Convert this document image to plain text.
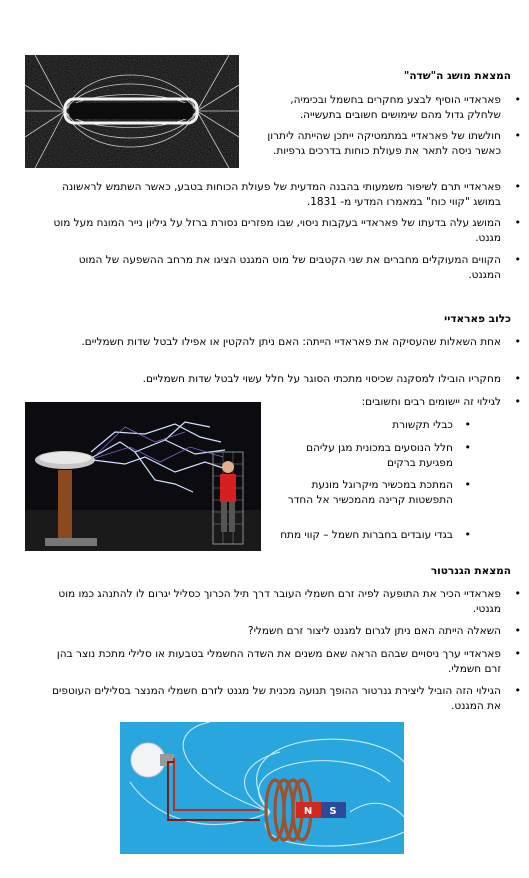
המצאת מושג ה"שדה"
• פאראדיי הוסיף לבצע מחקרים בחשמל ובכימיה, שלחלק גדול מהם שימושים חשובים בתעשייה.
• חולשתו של פאראדיי במתמטיקה ייתכן שהייתה ליתרון כאשר ניסה לתאר את פעולת כוחות בדרכים גרפיות.
• פאראדיי תרם לשיפור משמעותי בהבנה המדעית של פעולת הכוחות בטבע, כאשר השתמש לראשונה במושג "קווי כוח" במאמרו המדעי מ- 1831.
• המושג עלה בדעתו של פאראדיי בעקבות ניסוי, שבו מפזרים נסורת ברזל על גיליון נייר המונח מעל מוט מגנט.
• הקווים המעוקלים מחברים את שני הקטבים של מוט המגנט הציגו את מרחב ההשפעה של המוט המגנט.
כלוב פאראדיי
• אחת השאלות שהעסיקה את פאראדיי הייתה: האם ניתן להקטין או אפילו לבטל שדות חשמליים.
• מחקריו הובילו למסקנה שכיסוי מתכתי הסוגר על חלל עשוי לבטל שדות חשמליים.
• לגילוי זה יישומים רבים וחשובים:
• כבלי תקשורת
• חלל הנוסעים במכונית מגן עליהם מפגיעת ברקים
• המתכת במכשיר מיקרוגל מונעת התפשטות קרינה מהמכשיר אל החדר
• בגדי עובדים בחברות חשמל – קווי מתח
המצאת הגנרטור
• פאראדיי הכיר את התופעה לפיה זרם חשמלי העובר דרך תיל הכרוך כסליל יגרום לו להתנהג כמו מוט מגנטי.
• השאלה הייתה האם ניתן לגרום למגנט ליצור זרם חשמלי?
• פאראדיי ערך ניסויים שבהם הראה שאם משנים את השדה החשמלי בטבעות או סלילי מתכת נוצר בהן זרם חשמלי.
• הגילוי הזה הוביל ליצירת גנרטור ההופך תנועה מכנית של מגנט לזרם חשמלי המנצר בסלילים העוטפים את המגנט.
N S
